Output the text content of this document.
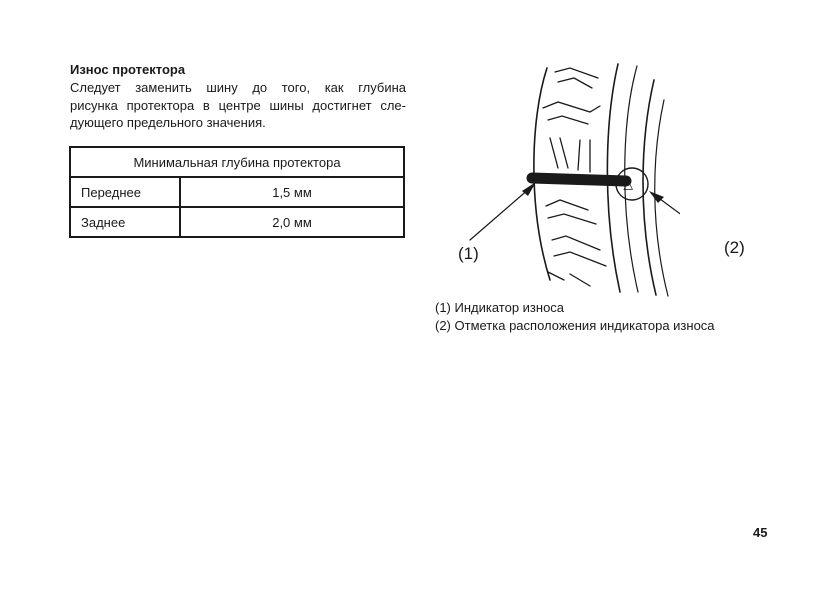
Износ протектора

Следует заменить шину до того, как глубина
рисунка протектора в центре шины достигнет сле-
дующего предельного значения.

Минимальная глубина протектора	
Переднее	1,5 мм
Заднее	2,0 мм
▲

(1)	(2)

(1) Индикатор износа
(2) Отметка расположения индикатора износа

45
